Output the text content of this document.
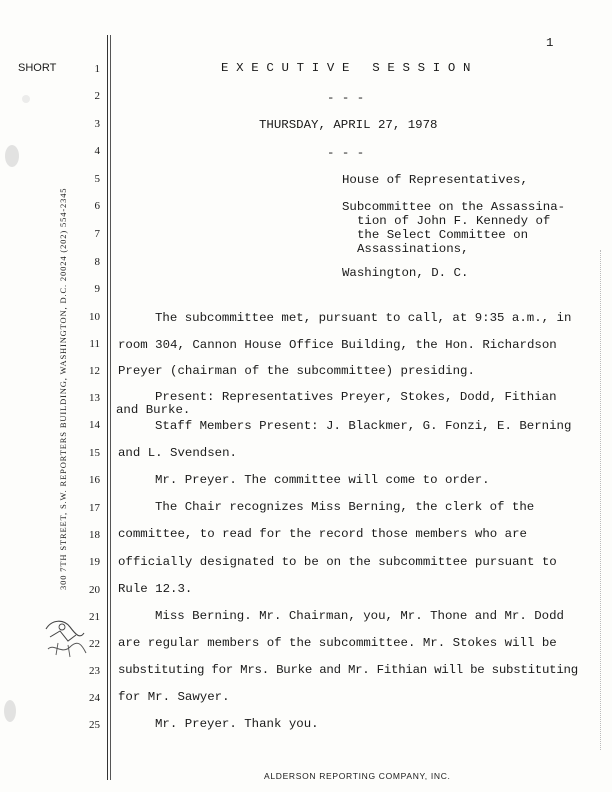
1
SHORT
300 7TH STREET, S.W. REPORTERS BUILDING, WASHINGTON, D.C. 20024 (202) 554-2345
1
2
3
4
5
6
7
8
9
10
11
12
13
14
15
16
17
18
19
20
21
22
23
24
25
EXECUTIVE SESSION
- - -
THURSDAY, APRIL 27, 1978
- - -
House of Representatives,
Subcommittee on the Assassina-
tion of John F. Kennedy of
the Select Committee on
Assassinations,
Washington, D. C.
The subcommittee met, pursuant to call, at 9:35 a.m., in
room 304, Cannon House Office Building, the Hon. Richardson
Preyer (chairman of the subcommittee) presiding.
Present: Representatives Preyer, Stokes, Dodd, Fithian
and Burke.
Staff Members Present: J. Blackmer, G. Fonzi, E. Berning
and L. Svendsen.
Mr. Preyer. The committee will come to order.
The Chair recognizes Miss Berning, the clerk of the
committee, to read for the record those members who are
officially designated to be on the subcommittee pursuant to
Rule 12.3.
Miss Berning. Mr. Chairman, you, Mr. Thone and Mr. Dodd
are regular members of the subcommittee. Mr. Stokes will be
substituting for Mrs. Burke and Mr. Fithian will be substituting
for Mr. Sawyer.
Mr. Preyer. Thank you.
ALDERSON REPORTING COMPANY, INC.
